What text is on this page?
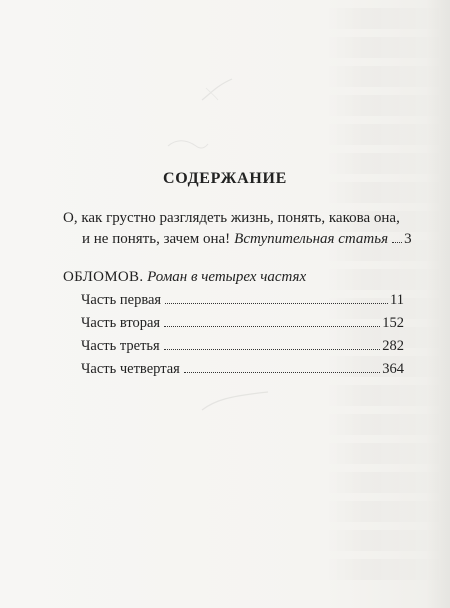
СОДЕРЖАНИЕ
О, как грустно разглядеть жизнь, понять, какова она,
и не понять, зачем она! Вступительная статья 3
ОБЛОМОВ. Роман в четырех частях
Часть первая	11
Часть вторая	152
Часть третья	282
Часть четвертая	364
